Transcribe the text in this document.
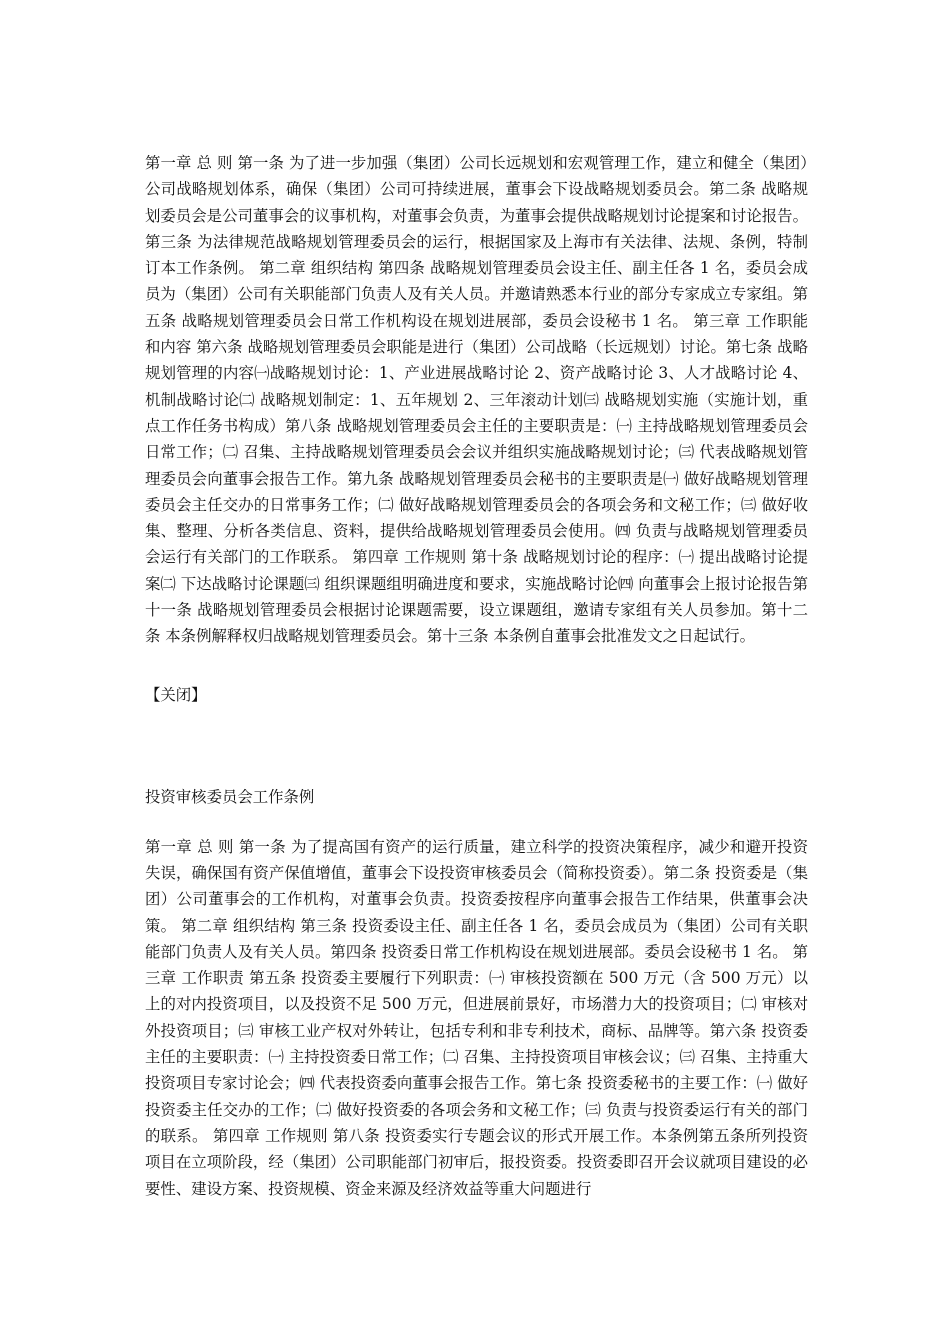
第一章 总 则 第一条 为了进一步加强（集团）公司长远规划和宏观管理工作，建立和健全（集团）公司战略规划体系，确保（集团）公司可持续进展，董事会下设战略规划委员会。第二条 战略规划委员会是公司董事会的议事机构，对董事会负责，为董事会提供战略规划讨论提案和讨论报告。第三条 为法律规范战略规划管理委员会的运行，根据国家及上海市有关法律、法规、条例，特制订本工作条例。 第二章 组织结构 第四条 战略规划管理委员会设主任、副主任各 1 名，委员会成员为（集团）公司有关职能部门负责人及有关人员。并邀请熟悉本行业的部分专家成立专家组。第五条 战略规划管理委员会日常工作机构设在规划进展部，委员会设秘书 1 名。 第三章 工作职能和内容 第六条 战略规划管理委员会职能是进行（集团）公司战略（长远规划）讨论。第七条 战略规划管理的内容㈠战略规划讨论：1、产业进展战略讨论 2、资产战略讨论 3、人才战略讨论 4、机制战略讨论㈡ 战略规划制定：1、五年规划 2、三年滚动计划㈢ 战略规划实施（实施计划，重点工作任务书构成）第八条 战略规划管理委员会主任的主要职责是：㈠ 主持战略规划管理委员会日常工作；㈡ 召集、主持战略规划管理委员会会议并组织实施战略规划讨论；㈢ 代表战略规划管理委员会向董事会报告工作。第九条 战略规划管理委员会秘书的主要职责是㈠ 做好战略规划管理委员会主任交办的日常事务工作；㈡ 做好战略规划管理委员会的各项会务和文秘工作；㈢ 做好收集、整理、分析各类信息、资料，提供给战略规划管理委员会使用。㈣ 负责与战略规划管理委员会运行有关部门的工作联系。 第四章 工作规则 第十条 战略规划讨论的程序：㈠ 提出战略讨论提案㈡ 下达战略讨论课题㈢ 组织课题组明确进度和要求，实施战略讨论㈣ 向董事会上报讨论报告第十一条 战略规划管理委员会根据讨论课题需要，设立课题组，邀请专家组有关人员参加。第十二条 本条例解释权归战略规划管理委员会。第十三条 本条例自董事会批准发文之日起试行。

【关闭】

投资审核委员会工作条例

第一章 总 则 第一条 为了提高国有资产的运行质量，建立科学的投资决策程序，减少和避开投资失误，确保国有资产保值增值，董事会下设投资审核委员会（简称投资委）。第二条 投资委是（集团）公司董事会的工作机构，对董事会负责。投资委按程序向董事会报告工作结果，供董事会决策。 第二章 组织结构 第三条 投资委设主任、副主任各 1 名，委员会成员为（集团）公司有关职能部门负责人及有关人员。第四条 投资委日常工作机构设在规划进展部。委员会设秘书 1 名。 第三章 工作职责 第五条 投资委主要履行下列职责：㈠ 审核投资额在 500 万元（含 500 万元）以上的对内投资项目，以及投资不足 500 万元，但进展前景好，市场潜力大的投资项目；㈡ 审核对外投资项目；㈢ 审核工业产权对外转让，包括专利和非专利技术，商标、品牌等。第六条 投资委主任的主要职责：㈠ 主持投资委日常工作；㈡ 召集、主持投资项目审核会议；㈢ 召集、主持重大投资项目专家讨论会；㈣ 代表投资委向董事会报告工作。第七条 投资委秘书的主要工作：㈠ 做好投资委主任交办的工作；㈡ 做好投资委的各项会务和文秘工作；㈢ 负责与投资委运行有关的部门的联系。 第四章 工作规则 第八条 投资委实行专题会议的形式开展工作。本条例第五条所列投资项目在立项阶段，经（集团）公司职能部门初审后，报投资委。投资委即召开会议就项目建设的必要性、建设方案、投资规模、资金来源及经济效益等重大问题进行
